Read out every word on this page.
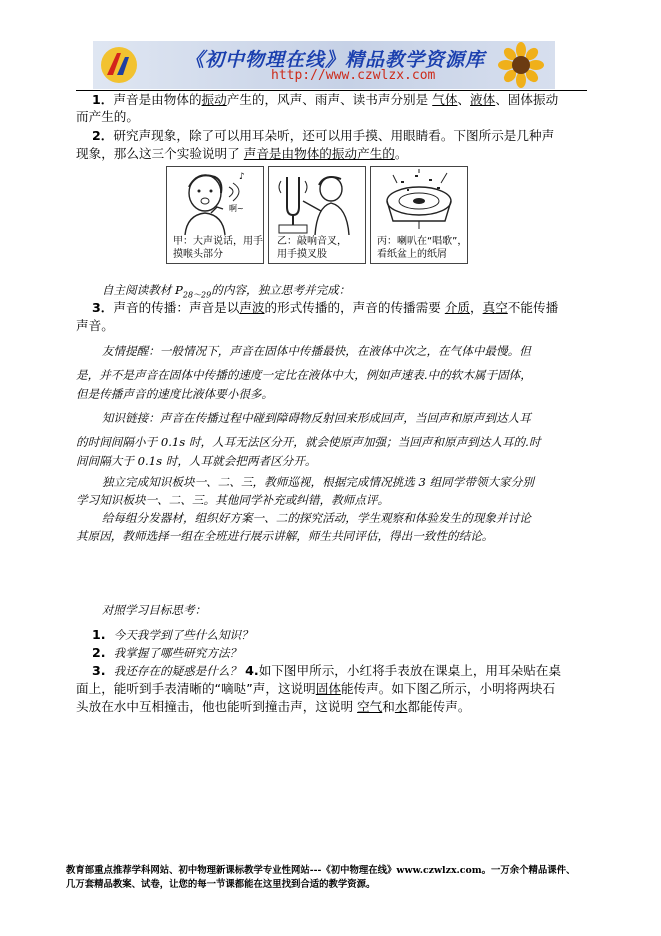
《初中物理在线》精品教学资源库
http://www.czwlzx.com
1．声音是由物体的振动产生的，风声、雨声、读书声分别是 气体、液体、固体振动
而产生的。
2．研究声现象，除了可以用耳朵听，还可以用手摸、用眼睛看。下图所示是几种声
现象，那么这三个实验说明了 声音是由物体的振动产生的。
♪
啊~
甲：大声说话，用手
摸喉头部分
乙：敲响音叉，
用手摸叉股
丙：喇叭在“唱歌”，
看纸盆上的纸屑
自主阅读教材 $P_{28\sim 29}$的内容，独立思考并完成：
3．声音的传播：声音是以声波的形式传播的，声音的传播需要 介质，真空不能传播
声音。
友情提醒：一般情况下，声音在固体中传播最快，在液体中次之，在气体中最慢。但
是，并不是声音在固体中传播的速度一定比在液体中大，例如声速表.中的软木属于固体，
但是传播声音的速度比液体要小很多。
知识链接：声音在传播过程中碰到障碍物反射回来形成回声，当回声和原声到达人耳
的时间间隔小于 0.1s 时，人耳无法区分开，就会使原声加强；当回声和原声到达人耳的.时
间间隔大于 0.1s 时，人耳就会把两者区分开。
独立完成知识板块一、二、三，教师巡视，根据完成情况挑选 3 组同学带领大家分别
学习知识板块一、二、三。其他同学补充或纠错，教师点评。
给每组分发器材，组织好方案一、二的探究活动，学生观察和体验发生的现象并讨论
其原因，教师选择一组在全班进行展示讲解，师生共同评估，得出一致性的结论。
对照学习目标思考：
1. 今天我学到了些什么知识？
2. 我掌握了哪些研究方法？
3. 我还存在的疑惑是什么？ 4.如下图甲所示，小红将手表放在课桌上，用耳朵贴在桌
面上，能听到手表清晰的“嘀哒”声，这说明固体能传声。如下图乙所示，小明将两块石
头放在水中互相撞击，他也能听到撞击声，这说明 空气和水都能传声。
教育部重点推荐学科网站、初中物理新课标教学专业性网站---《初中物理在线》www.czwlzx.com。一万余个精品课件、
几万套精品教案、试卷，让您的每一节课都能在这里找到合适的教学资源。
